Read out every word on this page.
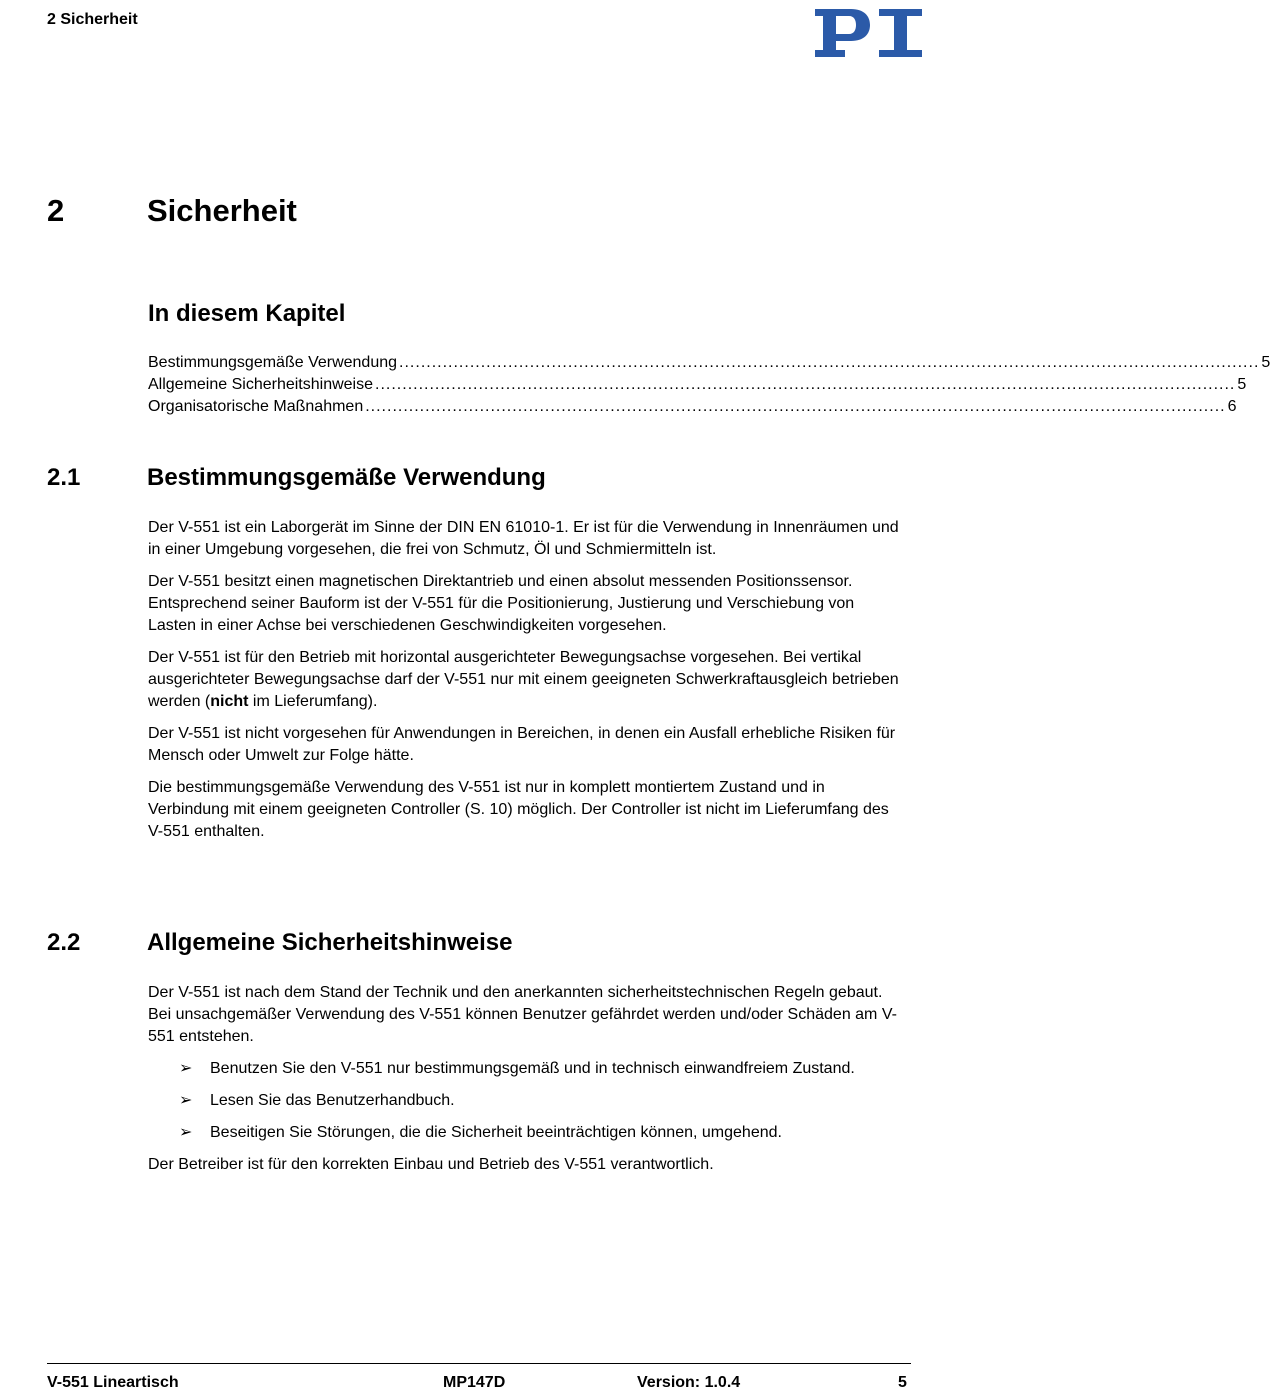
2 Sicherheit
2	Sicherheit
In diesem Kapitel
Bestimmungsgemäße Verwendung .............................................................................................................................................................. 5
Allgemeine Sicherheitshinweise .............................................................................................................................................................. 5
Organisatorische Maßnahmen .............................................................................................................................................................. 6
2.1	Bestimmungsgemäße Verwendung

Der V-551 ist ein Laborgerät im Sinne der DIN EN 61010-1. Er ist für die Verwendung in Innenräumen und in einer Umgebung vorgesehen, die frei von Schmutz, Öl und Schmiermitteln ist.

Der V-551 besitzt einen magnetischen Direktantrieb und einen absolut messenden Positionssensor. Entsprechend seiner Bauform ist der V-551 für die Positionierung, Justierung und Verschiebung von Lasten in einer Achse bei verschiedenen Geschwindigkeiten vorgesehen.

Der V-551 ist für den Betrieb mit horizontal ausgerichteter Bewegungsachse vorgesehen. Bei vertikal ausgerichteter Bewegungsachse darf der V-551 nur mit einem geeigneten Schwerkraftausgleich betrieben werden (nicht im Lieferumfang).

Der V-551 ist nicht vorgesehen für Anwendungen in Bereichen, in denen ein Ausfall erhebliche Risiken für Mensch oder Umwelt zur Folge hätte.

Die bestimmungsgemäße Verwendung des V-551 ist nur in komplett montiertem Zustand und in Verbindung mit einem geeigneten Controller (S. 10) möglich. Der Controller ist nicht im Lieferumfang des V-551 enthalten.

2.2	Allgemeine Sicherheitshinweise

Der V-551 ist nach dem Stand der Technik und den anerkannten sicherheitstechnischen Regeln gebaut. Bei unsachgemäßer Verwendung des V-551 können Benutzer gefährdet werden und/oder Schäden am V-551 entstehen.

➢ Benutzen Sie den V-551 nur bestimmungsgemäß und in technisch einwandfreiem Zustand.
➢ Lesen Sie das Benutzerhandbuch.
➢ Beseitigen Sie Störungen, die die Sicherheit beeinträchtigen können, umgehend.

Der Betreiber ist für den korrekten Einbau und Betrieb des V-551 verantwortlich.

V-551 Lineartisch	MP147D	Version: 1.0.4	5
